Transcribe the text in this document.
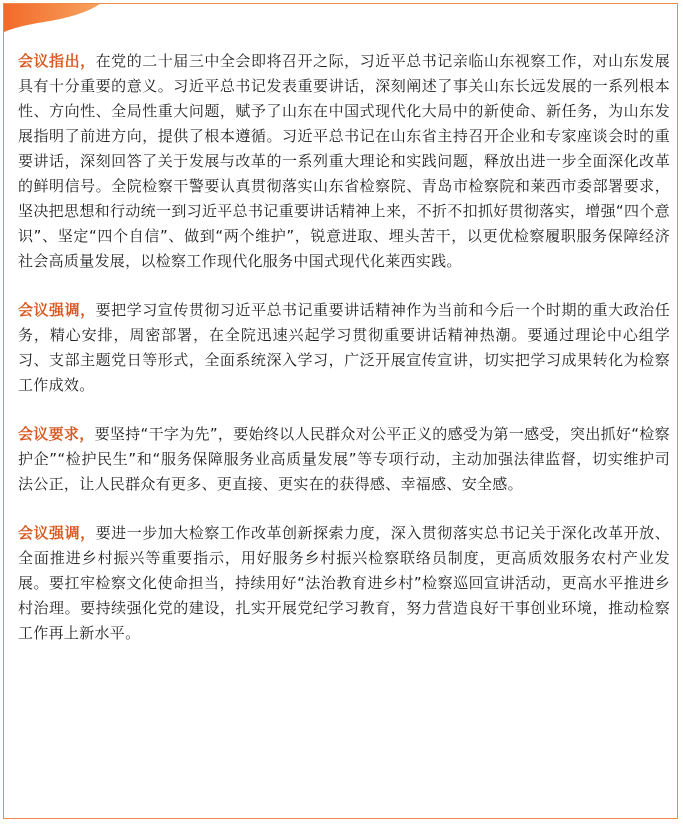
会议指出，在党的二十届三中全会即将召开之际，习近平总书记亲临山东视察工作，对山东发展具有十分重要的意义。习近平总书记发表重要讲话，深刻阐述了事关山东长远发展的一系列根本性、方向性、全局性重大问题，赋予了山东在中国式现代化大局中的新使命、新任务，为山东发展指明了前进方向，提供了根本遵循。习近平总书记在山东省主持召开企业和专家座谈会时的重要讲话，深刻回答了关于发展与改革的一系列重大理论和实践问题，释放出进一步全面深化改革的鲜明信号。全院检察干警要认真贯彻落实山东省检察院、青岛市检察院和莱西市委部署要求，坚决把思想和行动统一到习近平总书记重要讲话精神上来，不折不扣抓好贯彻落实，增强“四个意识”、坚定“四个自信”、做到“两个维护”，锐意进取、埋头苦干，以更优检察履职服务保障经济社会高质量发展，以检察工作现代化服务中国式现代化莱西实践。

会议强调，要把学习宣传贯彻习近平总书记重要讲话精神作为当前和今后一个时期的重大政治任务，精心安排，周密部署，在全院迅速兴起学习贯彻重要讲话精神热潮。要通过理论中心组学习、支部主题党日等形式，全面系统深入学习，广泛开展宣传宣讲，切实把学习成果转化为检察工作成效。

会议要求，要坚持“干字为先”，要始终以人民群众对公平正义的感受为第一感受，突出抓好“检察护企”“检护民生”和“服务保障服务业高质量发展”等专项行动，主动加强法律监督，切实维护司法公正，让人民群众有更多、更直接、更实在的获得感、幸福感、安全感。

会议强调，要进一步加大检察工作改革创新探索力度，深入贯彻落实总书记关于深化改革开放、全面推进乡村振兴等重要指示，用好服务乡村振兴检察联络员制度，更高质效服务农村产业发展。要扛牢检察文化使命担当，持续用好“法治教育进乡村”检察巡回宣讲活动，更高水平推进乡村治理。要持续强化党的建设，扎实开展党纪学习教育，努力营造良好干事创业环境，推动检察工作再上新水平。
